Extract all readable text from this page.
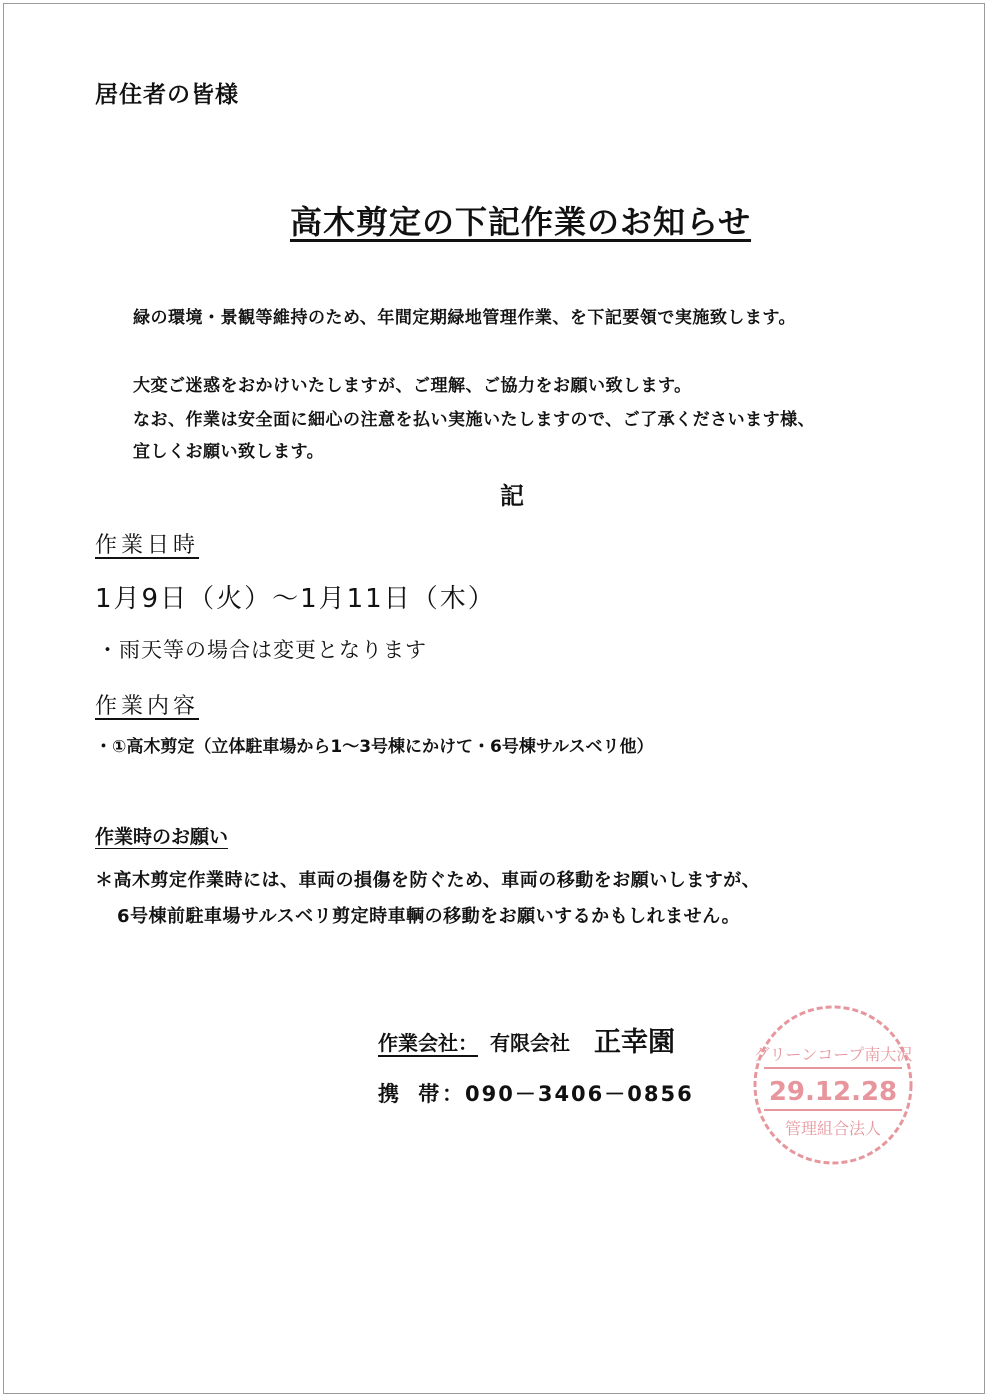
居住者の皆様
高木剪定の下記作業のお知らせ
緑の環境・景観等維持のため、年間定期緑地管理作業、を下記要領で実施致します。
大変ご迷惑をおかけいたしますが、ご理解、ご協力をお願い致します。
なお、作業は安全面に細心の注意を払い実施いたしますので、ご了承くださいます様、
宜しくお願い致します。
記
作業日時
1月9日（火）～1月11日（木）
・雨天等の場合は変更となります
作業内容
・①高木剪定（立体駐車場から1～3号棟にかけて・6号棟サルスベリ他）
作業時のお願い
＊高木剪定作業時には、車両の損傷を防ぐため、車両の移動をお願いしますが、
6号棟前駐車場サルスベリ剪定時車輌の移動をお願いするかもしれません。
作業会社： 有限会社 正幸園
携 帯
：090－3406－0856
グリーンコープ南大沢
29.12.28
管理組合法人
